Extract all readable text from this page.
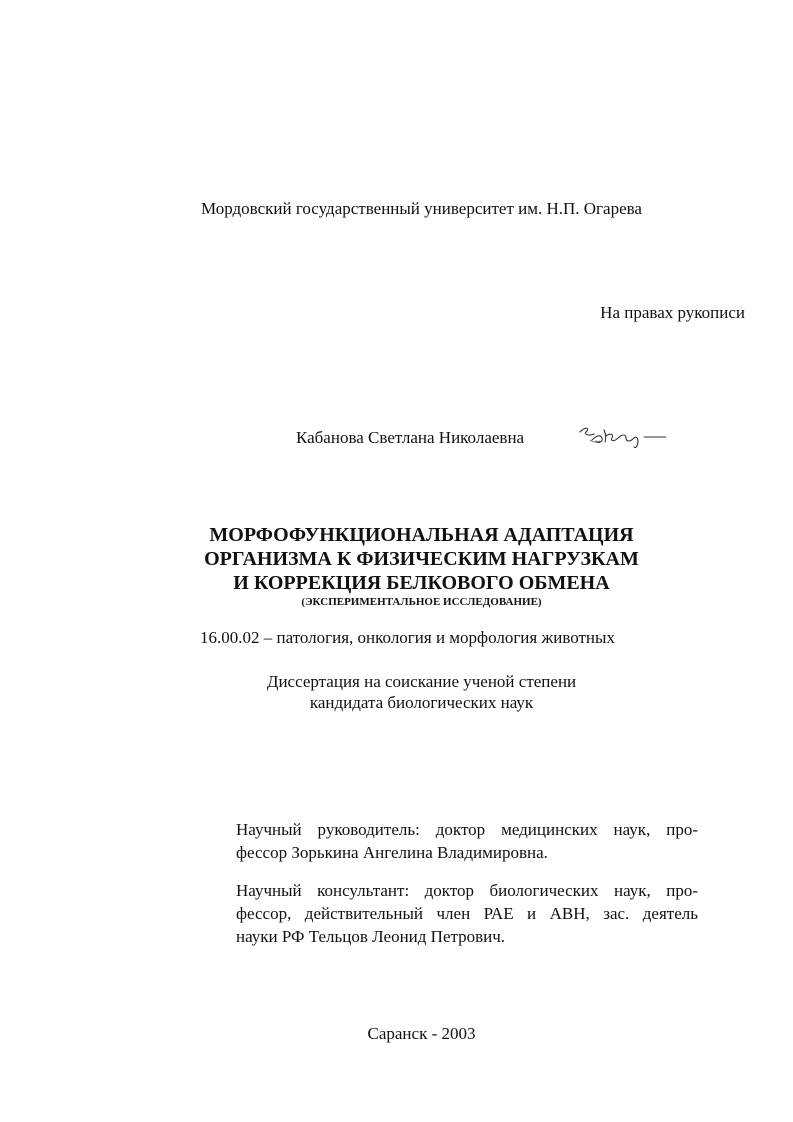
Мордовский государственный университет им. Н.П. Огарева
На правах рукописи
Кабанова Светлана Николаевна
МОРФОФУНКЦИОНАЛЬНАЯ АДАПТАЦИЯ
ОРГАНИЗМА К ФИЗИЧЕСКИМ НАГРУЗКАМ
И КОРРЕКЦИЯ БЕЛКОВОГО ОБМЕНА
(ЭКСПЕРИМЕНТАЛЬНОЕ ИССЛЕДОВАНИЕ)
16.00.02 – патология, онкология и морфология животных
Диссертация на соискание ученой степени
кандидата биологических наук
Научный руководитель: доктор медицинских наук, про-
фессор Зорькина Ангелина Владимировна.
Научный консультант: доктор биологических наук, про-
фессор, действительный член РАЕ и АВН, зас. деятель
науки РФ Тельцов Леонид Петрович.
Саранск - 2003
